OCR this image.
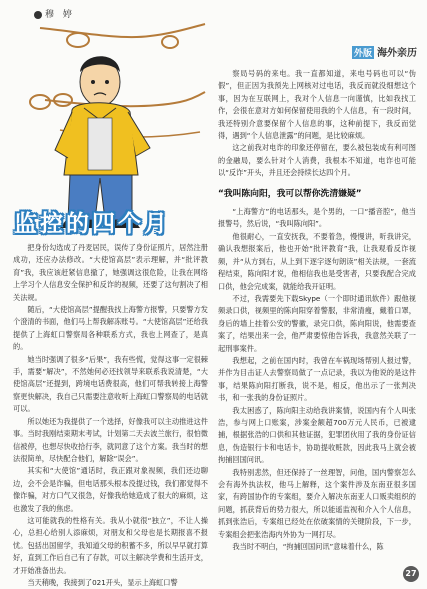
穆 婷
外版 海外亲历
监控的四个月

把身份勾选成了丹麦居民，误传了身份证照片，居然注册成功，还应办法修改。“大使馆高层”表示理解，并“批评教育”我，我应该赶紧信息撤了，她强调这很危险，让我在网络上学习个人信息安全保护和反诈的视频，还要了这句割决了相关法规。

随后，“大使馆高层”提醒我找上海警方报警，只要警方发个澄清的书面，他们马上帮我解冻账号。“大使馆高层”还给我提供了上海虹口警察局各种联系方式，我也上网查了，是真的。

她当时强调了很多“后果”，我有些慌，觉得这事一定很棘手，需要“解决”，不然她何必还找领导来联系我说清楚，“大使馆高层”还提到，跨境电话费很高，他们可帮我转接上海警察更快解决，我自己只需要注意收听上海虹口警察局的电话就可以。

所以她还为我提供了一个选择，好像我可以主动推进这件事。当时我刚结束期末考试，计划第二天去波兰旅行，很怕微信被停，也想尽快收拾行李，就同意了这个方案。我当时的想法很简单，尽快配合他们，解除“误会”。

其实和“大使馆”通话时，我正跟对象视频，我们还边聊边，会不会是诈骗，但电话那头根本没提过钱，我们都觉得不像诈骗，对方口气又很急，好像我给她造成了很大的麻烦，这也激发了我的焦虑。

这可能就我的性格有关。我从小就很“独立”，不让人操心，总担心给别人添麻烦，对朋友和父母也是长期报喜不报忧。包括出国留学，我知道父母的积蓄不多，所以早早就打算好，直到工作后自己有了存款，可以主解决学费和生活开支，才开始准备出去。

当天稍晚，我接到了021开头，显示上海虹口警

察局号码的来电。我一直都知道，来电号码也可以“伪假”，但正因为我预先上网核对过电话，我反而就没细想这个事，因为在互联网上，我对个人信息一向谨慎，比如我找工作，会很在意对方如何保留使用我的个人信息，有一段时间，我还特别介意要保留个人信息的事，这种前提下，我反而觉得，遇到“个人信息泄露”的问题，是比较麻烦。

这之前我对电诈的印象还停留在，要么被包装成有利可图的金融局，要么针对个人消费，我根本不知道，电诈也可能以“反诈”开头，并且还会持续长达四个月。

“我叫陈向阳，我可以帮你洗清嫌疑”

“上海警方”的电话那头，是个男的，一口“播音腔”，他当报警号，然后说，“我叫陈向阳”。

他很耐心，一直安抚我，不要着急，慢慢讲，听我讲完，确认我想报案后，他也开始“批评教育”我，让我观看反诈视频，并“从方到右，从上到下逐字逐句朗读”相关法规，一套流程结束，陈向阳才说，他相信我也是受害者，只要我配合完成口供，他会完成案，就能给我开证明。

不过，我需要先下载Skype（一个即时通讯软件）跟他视频录口供，视频里的陈向阳穿着警服，非常清瘦，戴着口罩，身后的墙上挂着公安的警徽，录完口供，陈向阳说，他需要查案了，结果出来一会，他严肃要惊他告诉我，我意然关联了一起刑事案件。

我想起，之前在国内时，我曾在车祸现场帮别人报过警，并作为目击证人去警察局做了一点记录，我以为他说的是这件事，结果陈向阳打断我，说不是，相反，他出示了一张判决书，和一张我的身份证照片。

我太困惑了，陈向阳主动给我讲案情，说国内有个人叫张浩，参与网上口账案，涉案金额超700万元人民币，已被逮捕，根据张浩的口供和其他证据，犯罪团伙用了我的身份证信息，伪造银行卡和电话卡，协助提收赃款，因此我马上就会被拘捕回国问讯。

我特别悲然，但还保持了一丝理智，问他，国内警察怎么会有海外执法权，他马上解释，这个案件涉及东南亚很多国家，有跨国协作的专案组，要介入解决东南亚人口贩卖组织的问题，抓获背后的势力很大，所以能遥监视和介入个人信息，抓到张浩后，专案组已经处在依破案情的关键阶段，下一步，专案组会把张浩海内外协为一网打尽。

我当时不明白，“拘捕回国问讯”意味着什么，陈

27
